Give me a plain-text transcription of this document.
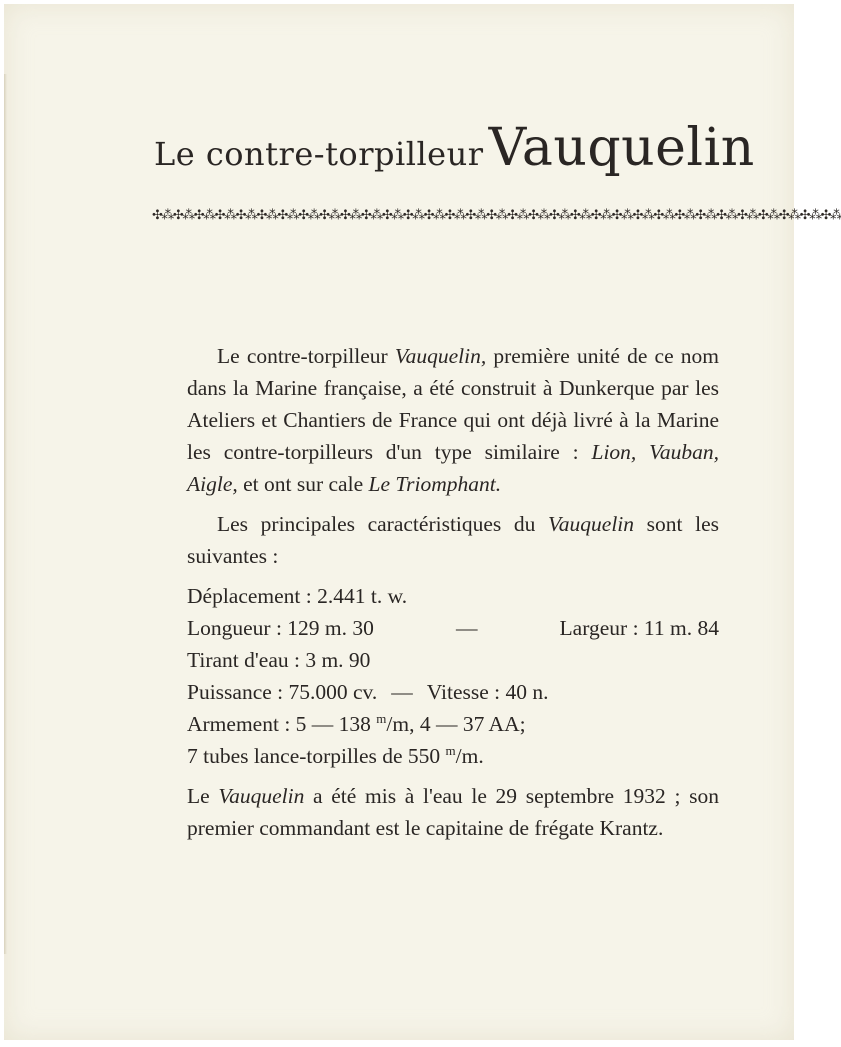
Le contre-torpilleur Vauquelin
✣⁂✣⁂✣⁂✣⁂✣⁂✣⁂✣⁂✣⁂✣⁂✣⁂✣⁂✣⁂✣⁂✣⁂✣⁂✣⁂✣⁂✣⁂✣⁂✣⁂✣⁂✣⁂✣⁂✣⁂✣⁂✣⁂✣⁂✣⁂✣⁂✣⁂✣⁂✣⁂✣⁂

Le contre-torpilleur Vauquelin, première unité de ce nom dans la Marine française, a été construit à Dunkerque par les Ateliers et Chantiers de France qui ont déjà livré à la Marine les contre-torpilleurs d'un type similaire : Lion, Vauban, Aigle, et ont sur cale Le Triomphant.

Les principales caractéristiques du Vauquelin sont les suivantes :

Déplacement : 2.441 t. w.
Longueur : 129 m. 30	—	Largeur : 11 m. 84
Tirant d'eau : 3 m. 90
Puissance : 75.000 cv. — Vitesse : 40 n.
Armement : 5 — 138 $^m$/m, 4 — 37 AA;
7 tubes lance-torpilles de 550 $^m$/m.

Le Vauquelin a été mis à l'eau le 29 septembre 1932 ; son premier commandant est le capitaine de frégate Krantz.
